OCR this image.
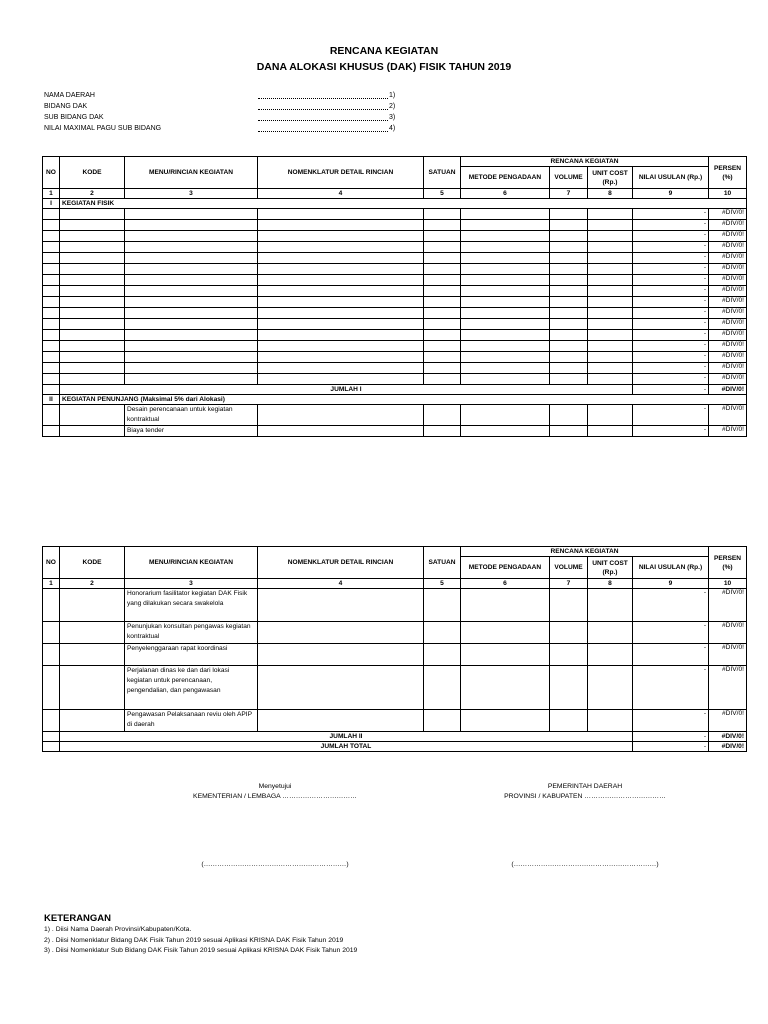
RENCANA KEGIATAN
DANA ALOKASI KHUSUS (DAK) FISIK TAHUN 2019
NAMA DAERAH	1)
BIDANG DAK	2)
SUB BIDANG DAK	3)
NILAI MAXIMAL PAGU SUB BIDANG	4)
NO	KODE	MENU/RINCIAN KEGIATAN	NOMENKLATUR DETAIL RINCIAN	SATUAN	RENCANA KEGIATAN				PERSEN (%)
					METODE PENGADAAN	VOLUME	UNIT COST (Rp.)	NILAI USULAN (Rp.)	
1	2	3	4	5	6	7	8	9	10
I	KEGIATAN FISIK								
								-	#DIV/0!
								-	#DIV/0!
								-	#DIV/0!
								-	#DIV/0!
								-	#DIV/0!
								-	#DIV/0!
								-	#DIV/0!
								-	#DIV/0!
								-	#DIV/0!
								-	#DIV/0!
								-	#DIV/0!
								-	#DIV/0!
								-	#DIV/0!
								-	#DIV/0!
								-	#DIV/0!
								-	#DIV/0!
	JUMLAH I							-	#DIV/0!
II	KEGIATAN PENUNJANG (Maksimal 5% dari Alokasi)								
		Desain perencanaan untuk kegiatan kontraktual						-	#DIV/0!
		Biaya tender						-	#DIV/0!
NO	KODE	MENU/RINCIAN KEGIATAN	NOMENKLATUR DETAIL RINCIAN	SATUAN	RENCANA KEGIATAN				PERSEN (%)
					METODE PENGADAAN	VOLUME	UNIT COST (Rp.)	NILAI USULAN (Rp.)	
1	2	3	4	5	6	7	8	9	10
		Honorarium fasilitator kegiatan DAK Fisik yang dilakukan secara swakelola						-	#DIV/0!
		Penunjukan konsultan pengawas kegiatan kontraktual						-	#DIV/0!
		Penyelenggaraan rapat koordinasi						-	#DIV/0!
		Perjalanan dinas ke dan dari lokasi kegiatan untuk perencanaan, pengendalian, dan pengawasan						-	#DIV/0!
		Pengawasan Pelaksanaan reviu oleh APIP di daerah						-	#DIV/0!
	JUMLAH II							-	#DIV/0!
	JUMLAH TOTAL							-	#DIV/0!
Menyetujui
KEMENTERIAN / LEMBAGA ……………………………
(………………………………………………………)
PEMERINTAH DAERAH
PROVINSI / KABUPATEN ………………………………
(………………………………………………………)
KETERANGAN
1) . Diisi Nama Daerah Provinsi/Kabupaten/Kota.
2) . Diisi Nomenklatur Bidang DAK Fisik Tahun 2019 sesuai Aplikasi KRISNA DAK Fisik Tahun 2019
3) . Diisi Nomenklatur Sub Bidang DAK Fisik Tahun 2019 sesuai Aplikasi KRISNA DAK Fisik Tahun 2019
